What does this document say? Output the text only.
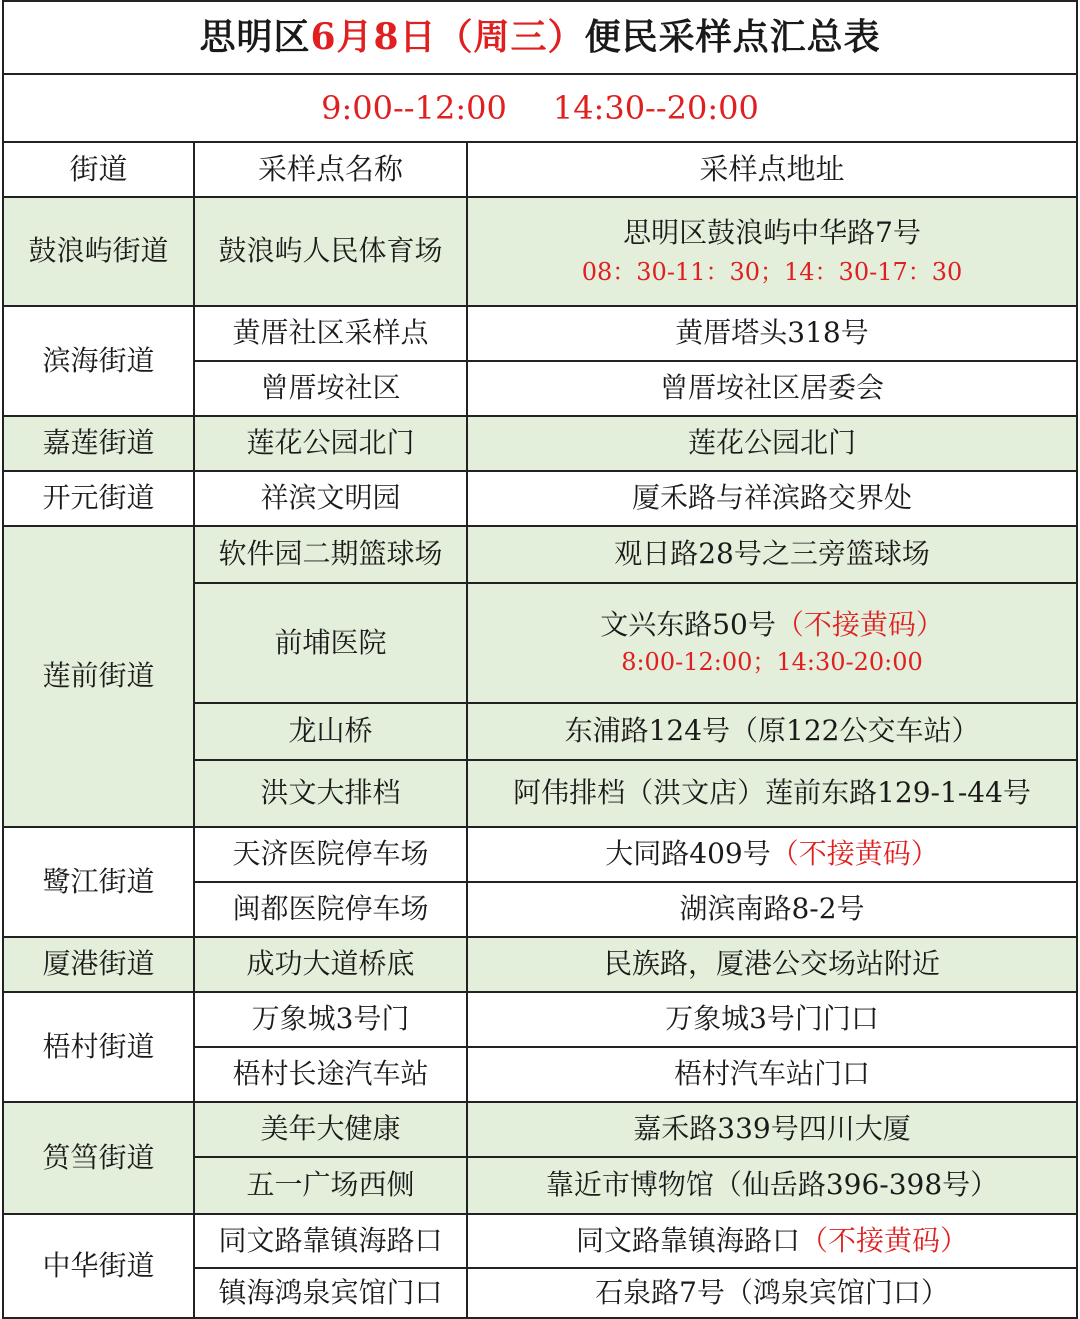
思明区6月8日（周三）便民采样点汇总表		
9:00--12:00 14:30--20:00		
街道	采样点名称	采样点地址
鼓浪屿街道	鼓浪屿人民体育场	思明区鼓浪屿中华路7号
08：30-11：30；14：30-17：30

滨海街道	黄厝社区采样点	黄厝塔头318号
	曾厝垵社区	曾厝垵社区居委会
嘉莲街道	莲花公园北门	莲花公园北门
开元街道	祥滨文明园	厦禾路与祥滨路交界处
莲前街道	软件园二期篮球场	观日路28号之三旁篮球场
	前埔医院	文兴东路50号（不接黄码）
8:00-12:00；14:30-20:00

	龙山桥	东浦路124号（原122公交车站）
	洪文大排档	阿伟排档（洪文店）莲前东路129-1-44号
鹭江街道	天济医院停车场	大同路409号（不接黄码）
	闽都医院停车场	湖滨南路8-2号
厦港街道	成功大道桥底	民族路，厦港公交场站附近
梧村街道	万象城3号门	万象城3号门门口
	梧村长途汽车站	梧村汽车站门口
筼筜街道	美年大健康	嘉禾路339号四川大厦
	五一广场西侧	靠近市博物馆（仙岳路396-398号）
中华街道	同文路靠镇海路口	同文路靠镇海路口（不接黄码）
	镇海鸿泉宾馆门口	石泉路7号（鸿泉宾馆门口）
